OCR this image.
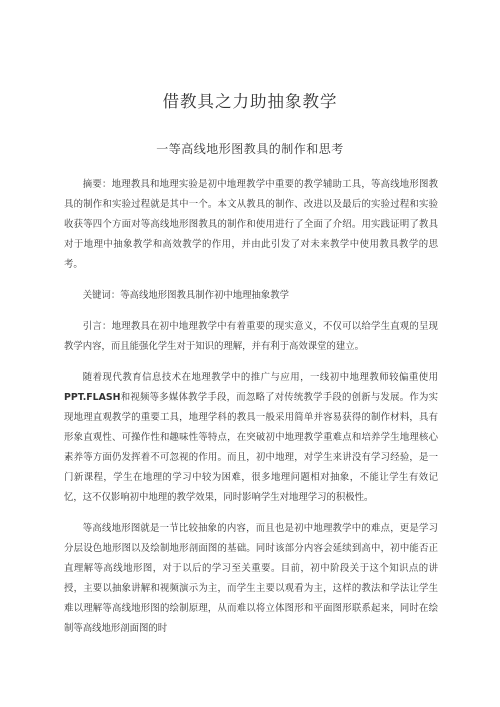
借教具之力助抽象教学
一等高线地形图教具的制作和思考

摘要：地理教具和地理实验是初中地理教学中重要的教学辅助工具，等高线地形图教具的制作和实验过程就是其中一个。本文从教具的制作、改进以及最后的实验过程和实验收获等四个方面对等高线地形图教具的制作和使用进行了全面了介绍。用实践证明了教具对于地理中抽象教学和高效教学的作用，并由此引发了对未来教学中使用教具教学的思考。

关键词：等高线地形图教具制作初中地理抽象教学

引言：地理教具在初中地理教学中有着重要的现实意义，不仅可以给学生直观的呈现教学内容，而且能强化学生对于知识的理解，并有利于高效课堂的建立。

随着现代教育信息技术在地理教学中的推广与应用，一线初中地理教师较偏重使用PPT.FLASH和视频等多媒体教学手段，而忽略了对传统教学手段的创新与发展。作为实现地理直观教学的重要工具，地理学科的教具一般采用简单并容易获得的制作材料，具有形象直观性、可操作性和趣味性等特点，在突破初中地理教学重难点和培养学生地理核心素养等方面仍发挥着不可忽视的作用。而且，初中地理，对学生来讲没有学习经验，是一门新课程，学生在地理的学习中较为困难，很多地理问题相对抽象，不能让学生有效记忆，这不仅影响初中地理的教学效果，同时影响学生对地理学习的积极性。

等高线地形图就是一节比较抽象的内容，而且也是初中地理教学中的难点，更是学习分层设色地形图以及绘制地形剖面图的基础。同时该部分内容会延续到高中，初中能否正直理解等高线地形图，对于以后的学习至关重要。目前，初中阶段关于这个知识点的讲授，主要以抽象讲解和视频演示为主，而学生主要以观看为主，这样的教法和学法让学生难以理解等高线地形图的绘制原理，从而难以将立体图形和平面图形联系起来，同时在绘制等高线地形剖面图的时
